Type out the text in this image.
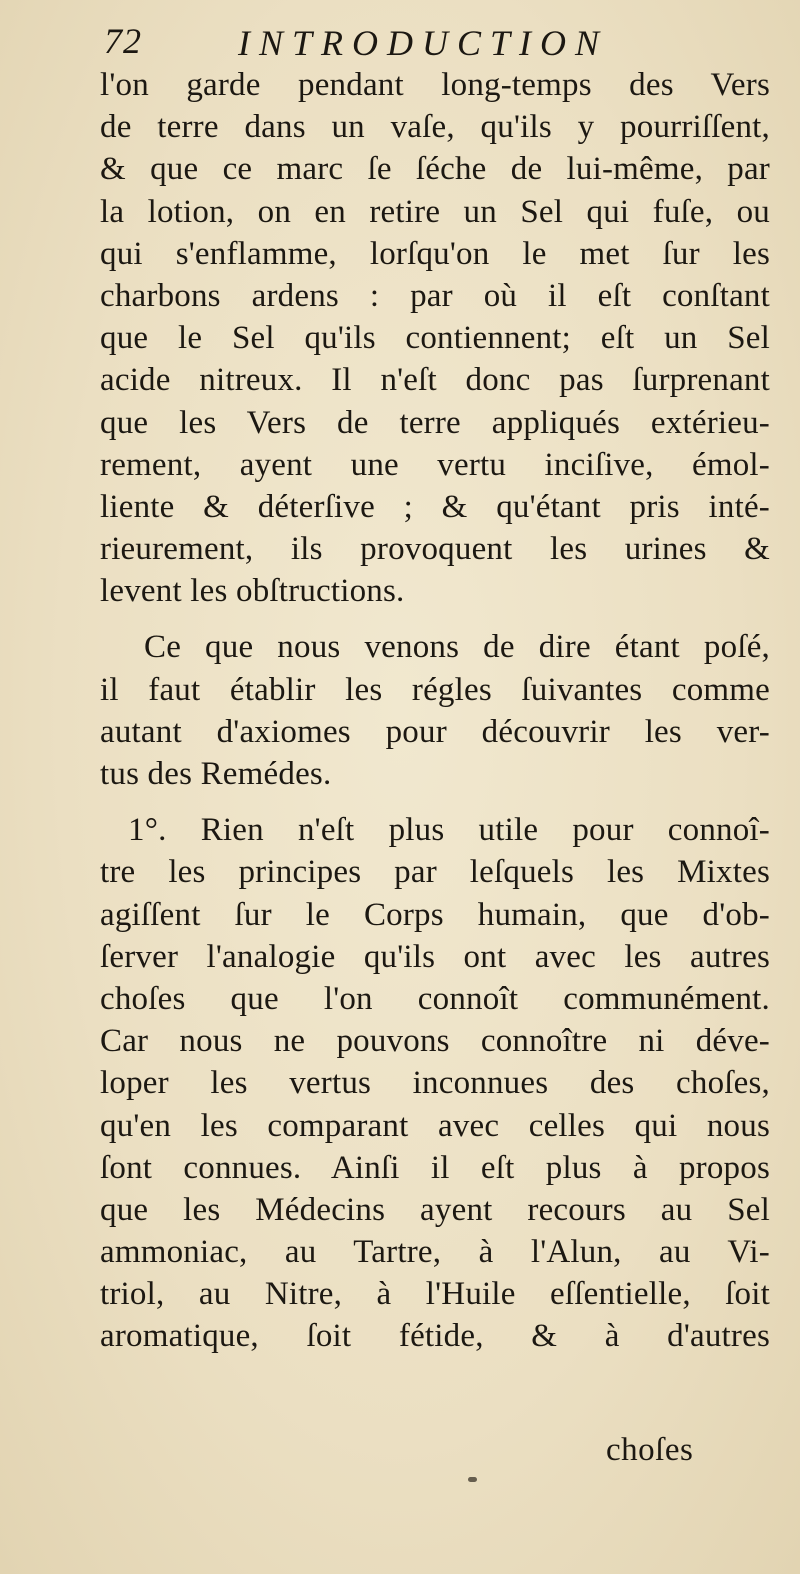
72	INTRODUCTION
l'on garde pendant long-temps des Vers
de terre dans un vaſe, qu'ils y pourriſſent,
& que ce marc ſe ſéche de lui-même, par
la lotion, on en retire un Sel qui fuſe, ou
qui s'enflamme, lorſqu'on le met ſur les
charbons ardens : par où il eſt conſtant
que le Sel qu'ils contiennent; eſt un Sel
acide nitreux. Il n'eſt donc pas ſurprenant
que les Vers de terre appliqués extérieu-
rement, ayent une vertu inciſive, émol-
liente & déterſive ; & qu'étant pris inté-
rieurement, ils provoquent les urines &
levent les obſtructions.
Ce que nous venons de dire étant poſé,
il faut établir les régles ſuivantes comme
autant d'axiomes pour découvrir les ver-
tus des Remédes.
1°. Rien n'eſt plus utile pour connoî-
tre les principes par leſquels les Mixtes
agiſſent ſur le Corps humain, que d'ob-
ſerver l'analogie qu'ils ont avec les autres
choſes que l'on connoît communément.
Car nous ne pouvons connoître ni déve-
loper les vertus inconnues des choſes,
qu'en les comparant avec celles qui nous
ſont connues. Ainſi il eſt plus à propos
que les Médecins ayent recours au Sel
ammoniac, au Tartre, à l'Alun, au Vi-
triol, au Nitre, à l'Huile eſſentielle, ſoit
aromatique, ſoit fétide, & à d'autres
choſes
